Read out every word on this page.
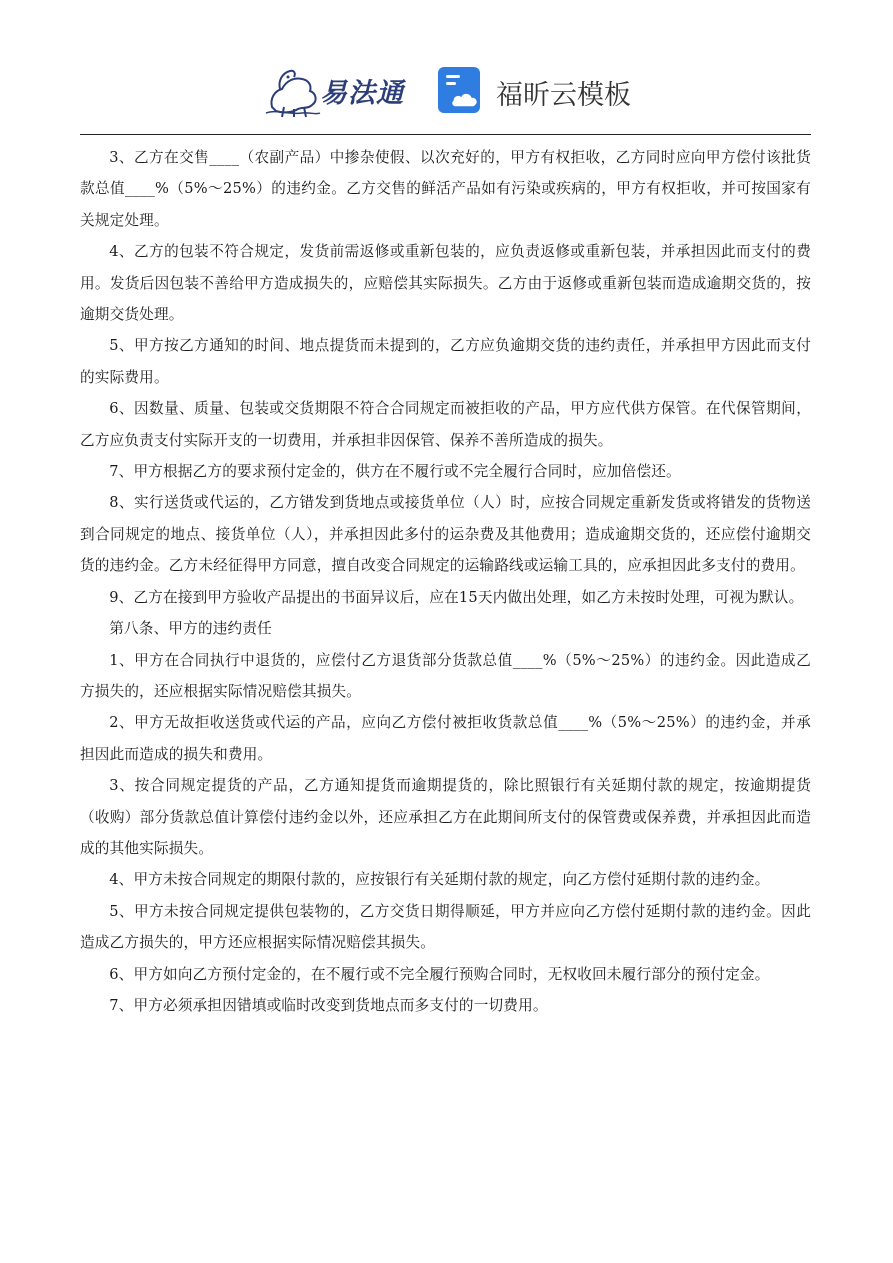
易法通	福昕云模板

3、乙方在交售____（农副产品）中掺杂使假、以次充好的，甲方有权拒收，乙方同时应向甲方偿付该批货款总值____%（5%～25%）的违约金。乙方交售的鲜活产品如有污染或疾病的，甲方有权拒收，并可按国家有关规定处理。

4、乙方的包装不符合规定，发货前需返修或重新包装的，应负责返修或重新包装，并承担因此而支付的费用。发货后因包装不善给甲方造成损失的，应赔偿其实际损失。乙方由于返修或重新包装而造成逾期交货的，按逾期交货处理。

5、甲方按乙方通知的时间、地点提货而未提到的，乙方应负逾期交货的违约责任，并承担甲方因此而支付的实际费用。

6、因数量、质量、包装或交货期限不符合合同规定而被拒收的产品，甲方应代供方保管。在代保管期间，乙方应负责支付实际开支的一切费用，并承担非因保管、保养不善所造成的损失。

7、甲方根据乙方的要求预付定金的，供方在不履行或不完全履行合同时，应加倍偿还。

8、实行送货或代运的，乙方错发到货地点或接货单位（人）时，应按合同规定重新发货或将错发的货物送到合同规定的地点、接货单位（人），并承担因此多付的运杂费及其他费用；造成逾期交货的，还应偿付逾期交货的违约金。乙方未经征得甲方同意，擅自改变合同规定的运输路线或运输工具的，应承担因此多支付的费用。

9、乙方在接到甲方验收产品提出的书面异议后，应在15天内做出处理，如乙方未按时处理，可视为默认。

第八条、甲方的违约责任

1、甲方在合同执行中退货的，应偿付乙方退货部分货款总值____%（5%～25%）的违约金。因此造成乙方损失的，还应根据实际情况赔偿其损失。

2、甲方无故拒收送货或代运的产品，应向乙方偿付被拒收货款总值____%（5%～25%）的违约金，并承担因此而造成的损失和费用。

3、按合同规定提货的产品，乙方通知提货而逾期提货的，除比照银行有关延期付款的规定，按逾期提货（收购）部分货款总值计算偿付违约金以外，还应承担乙方在此期间所支付的保管费或保养费，并承担因此而造成的其他实际损失。

4、甲方未按合同规定的期限付款的，应按银行有关延期付款的规定，向乙方偿付延期付款的违约金。

5、甲方未按合同规定提供包装物的，乙方交货日期得顺延，甲方并应向乙方偿付延期付款的违约金。因此造成乙方损失的，甲方还应根据实际情况赔偿其损失。

6、甲方如向乙方预付定金的，在不履行或不完全履行预购合同时，无权收回未履行部分的预付定金。

7、甲方必须承担因错填或临时改变到货地点而多支付的一切费用。
